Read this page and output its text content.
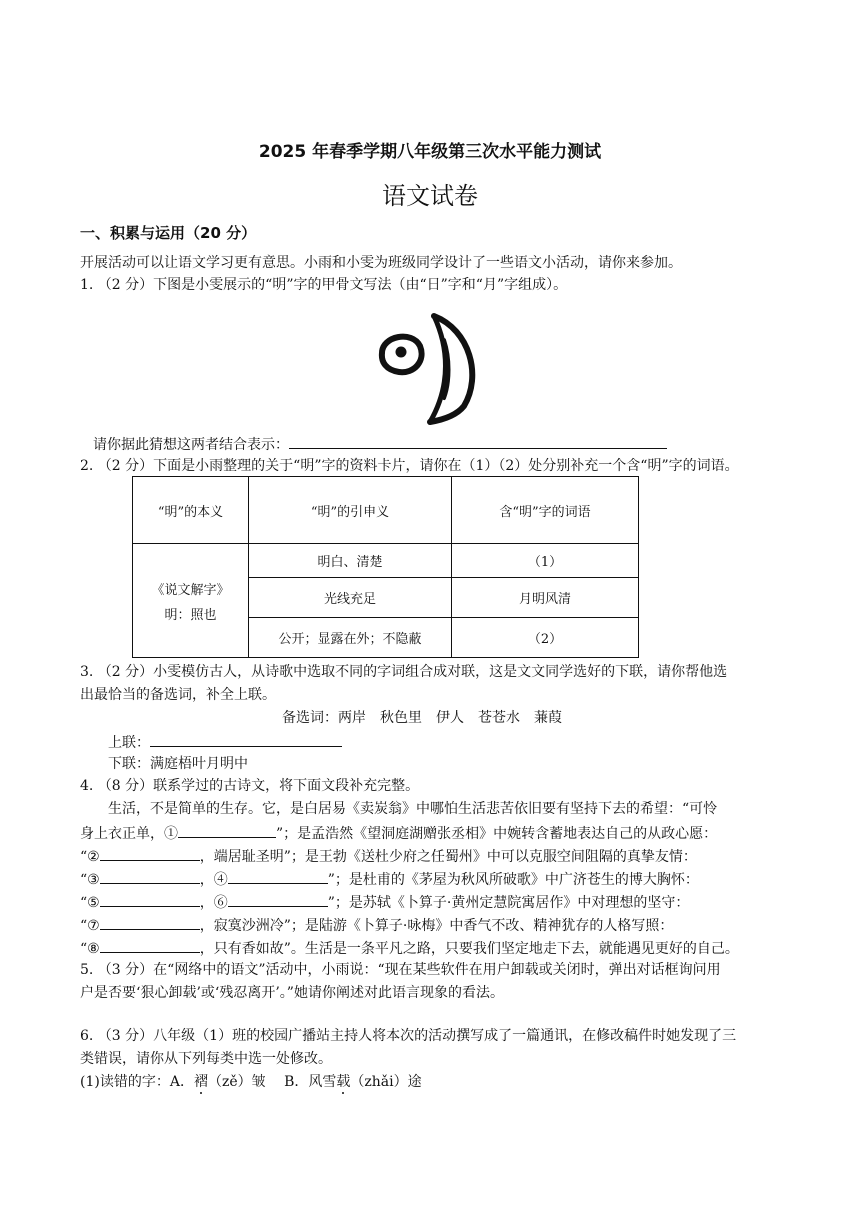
2025 年春季学期八年级第三次水平能力测试
语文试卷
一、积累与运用（20 分）
开展活动可以让语文学习更有意思。小雨和小雯为班级同学设计了一些语文小活动，请你来参加。
1. （2 分）下图是小雯展示的“明”字的甲骨文写法（由“日”字和“月”字组成）。
请你据此猜想这两者结合表示：
2. （2 分）下面是小雨整理的关于“明”字的资料卡片，请你在（1）（2）处分别补充一个含“明”字的词语。
“明”的本义	“明”的引申义	含“明”字的词语

《说文解字》
明：照也	明白、清楚	（1）
	光线充足	月明风清
	公开；显露在外；不隐蔽	（2）
3. （2 分）小雯模仿古人，从诗歌中选取不同的字词组合成对联，这是文文同学选好的下联，请你帮他选
出最恰当的备选词，补全上联。
备选词：两岸　秋色里　伊人　苍苍水　蒹葭
上联：
下联：满庭梧叶月明中
4. （8 分）联系学过的古诗文，将下面文段补充完整。
生活，不是简单的生存。它，是白居易《卖炭翁》中哪怕生活悲苦依旧要有坚持下去的希望：“可怜
身上衣正单，①	”；是孟浩然《望洞庭湖赠张丞相》中婉转含蓄地表达自己的从政心愿：
“②	，端居耻圣明”；是王勃《送杜少府之任蜀州》中可以克服空间阻隔的真挚友情：
“③	，④	”；是杜甫的《茅屋为秋风所破歌》中广济苍生的博大胸怀：
“⑤	，⑥	”；是苏轼《卜算子·黄州定慧院寓居作》中对理想的坚守：
“⑦	，寂寞沙洲冷”；是陆游《卜算子·咏梅》中香气不改、精神犹存的人格写照：
“⑧	，只有香如故”。生活是一条平凡之路，只要我们坚定地走下去，就能遇见更好的自己。
5. （3 分）在“网络中的语文”活动中，小雨说：“现在某些软件在用户卸载或关闭时，弹出对话框询问用
户是否要‘狠心卸载’或‘残忍离开’。”她请你阐述对此语言现象的看法。
6. （3 分）八年级（1）班的校园广播站主持人将本次的活动撰写成了一篇通讯，在修改稿件时她发现了三
类错误，请你从下列每类中选一处修改。
(1)读错的字：A．褶（zě）皱　 B．风雪载（zhǎi）途
